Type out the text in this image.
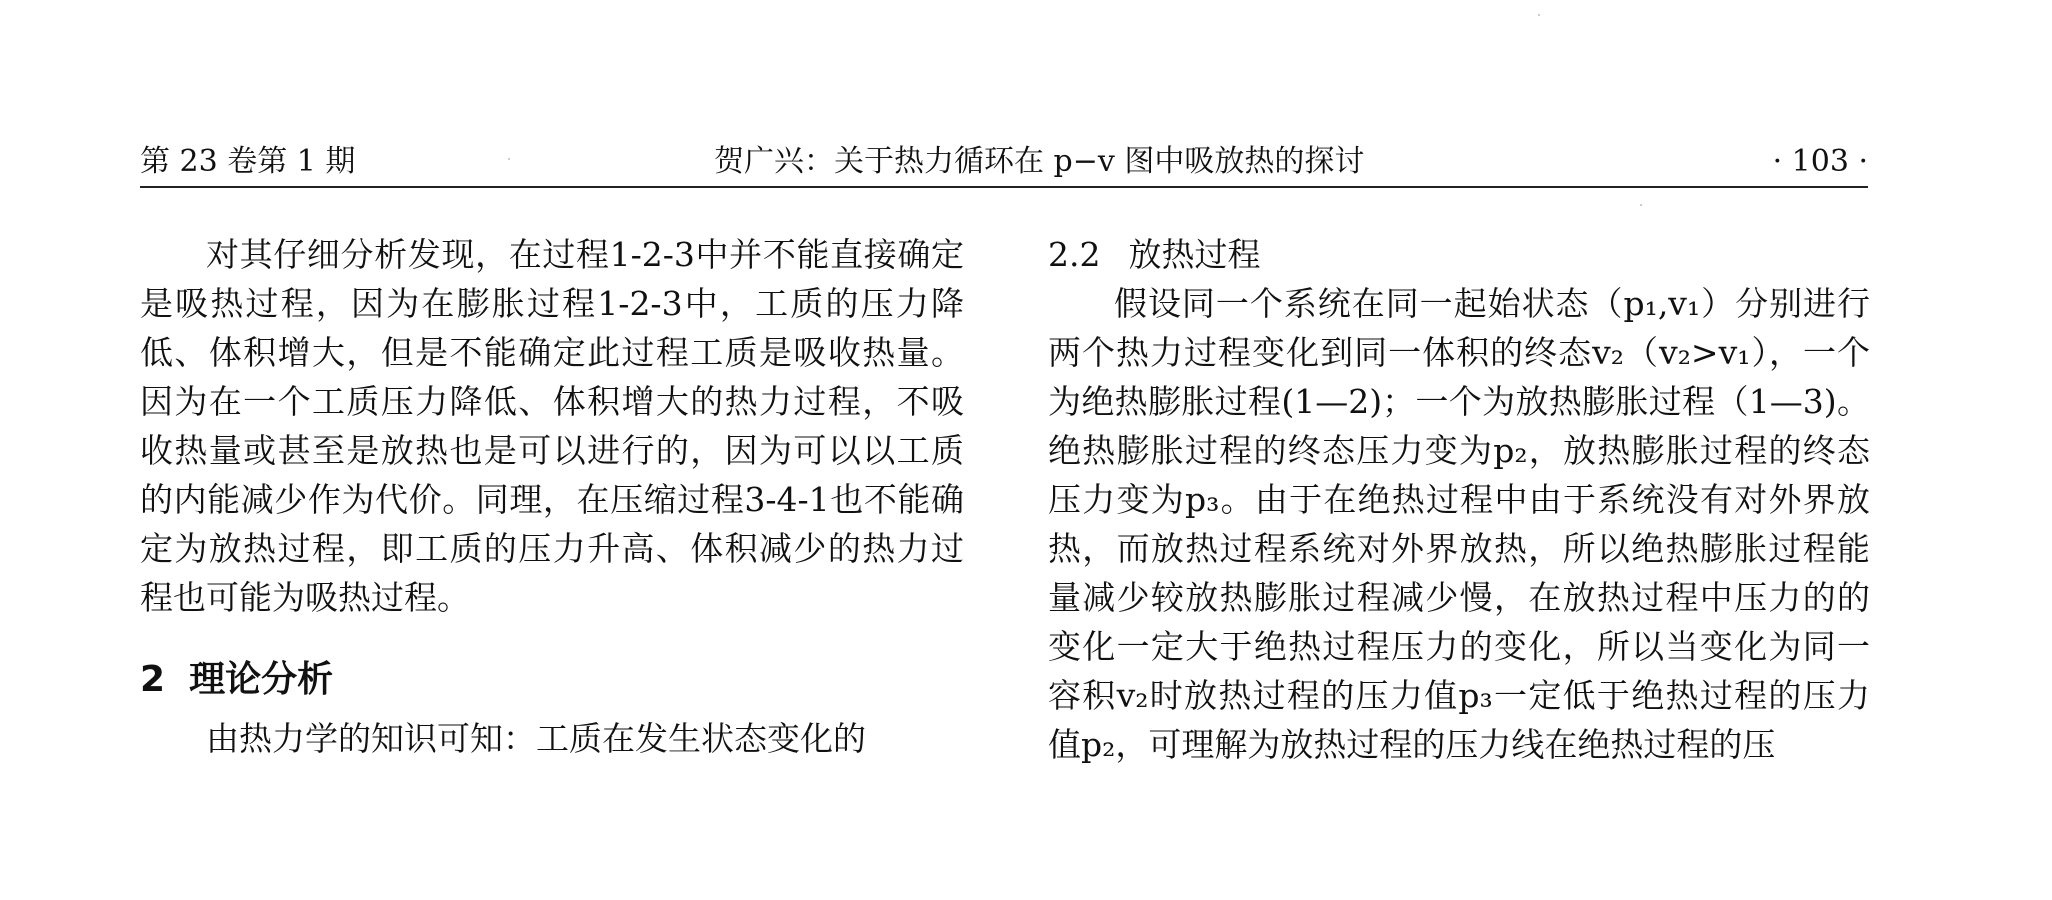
第 23 卷第 1 期	贺广兴：关于热力循环在 p−v 图中吸放热的探讨	· 103 ·

对其仔细分析发现，在过程1-2-3中并不能直接确定是吸热过程，因为在膨胀过程1-2-3中，工质的压力降低、体积增大，但是不能确定此过程工质是吸收热量。因为在一个工质压力降低、体积增大的热力过程，不吸收热量或甚至是放热也是可以进行的，因为可以以工质的内能减少作为代价。同理，在压缩过程3-4-1也不能确定为放热过程，即工质的压力升高、体积减少的热力过程也可能为吸热过程。

2 理论分析

由热力学的知识可知：工质在发生状态变化的

2.2 放热过程

假设同一个系统在同一起始状态（p₁,v₁）分别进行两个热力过程变化到同一体积的终态v₂（v₂>v₁），一个为绝热膨胀过程(1—2)；一个为放热膨胀过程（1—3)。绝热膨胀过程的终态压力变为p₂，放热膨胀过程的终态压力变为p₃。由于在绝热过程中由于系统没有对外界放热，而放热过程系统对外界放热，所以绝热膨胀过程能量减少较放热膨胀过程减少慢，在放热过程中压力的的变化一定大于绝热过程压力的变化，所以当变化为同一容积v₂时放热过程的压力值p₃一定低于绝热过程的压力值p₂，可理解为放热过程的压力线在绝热过程的压
